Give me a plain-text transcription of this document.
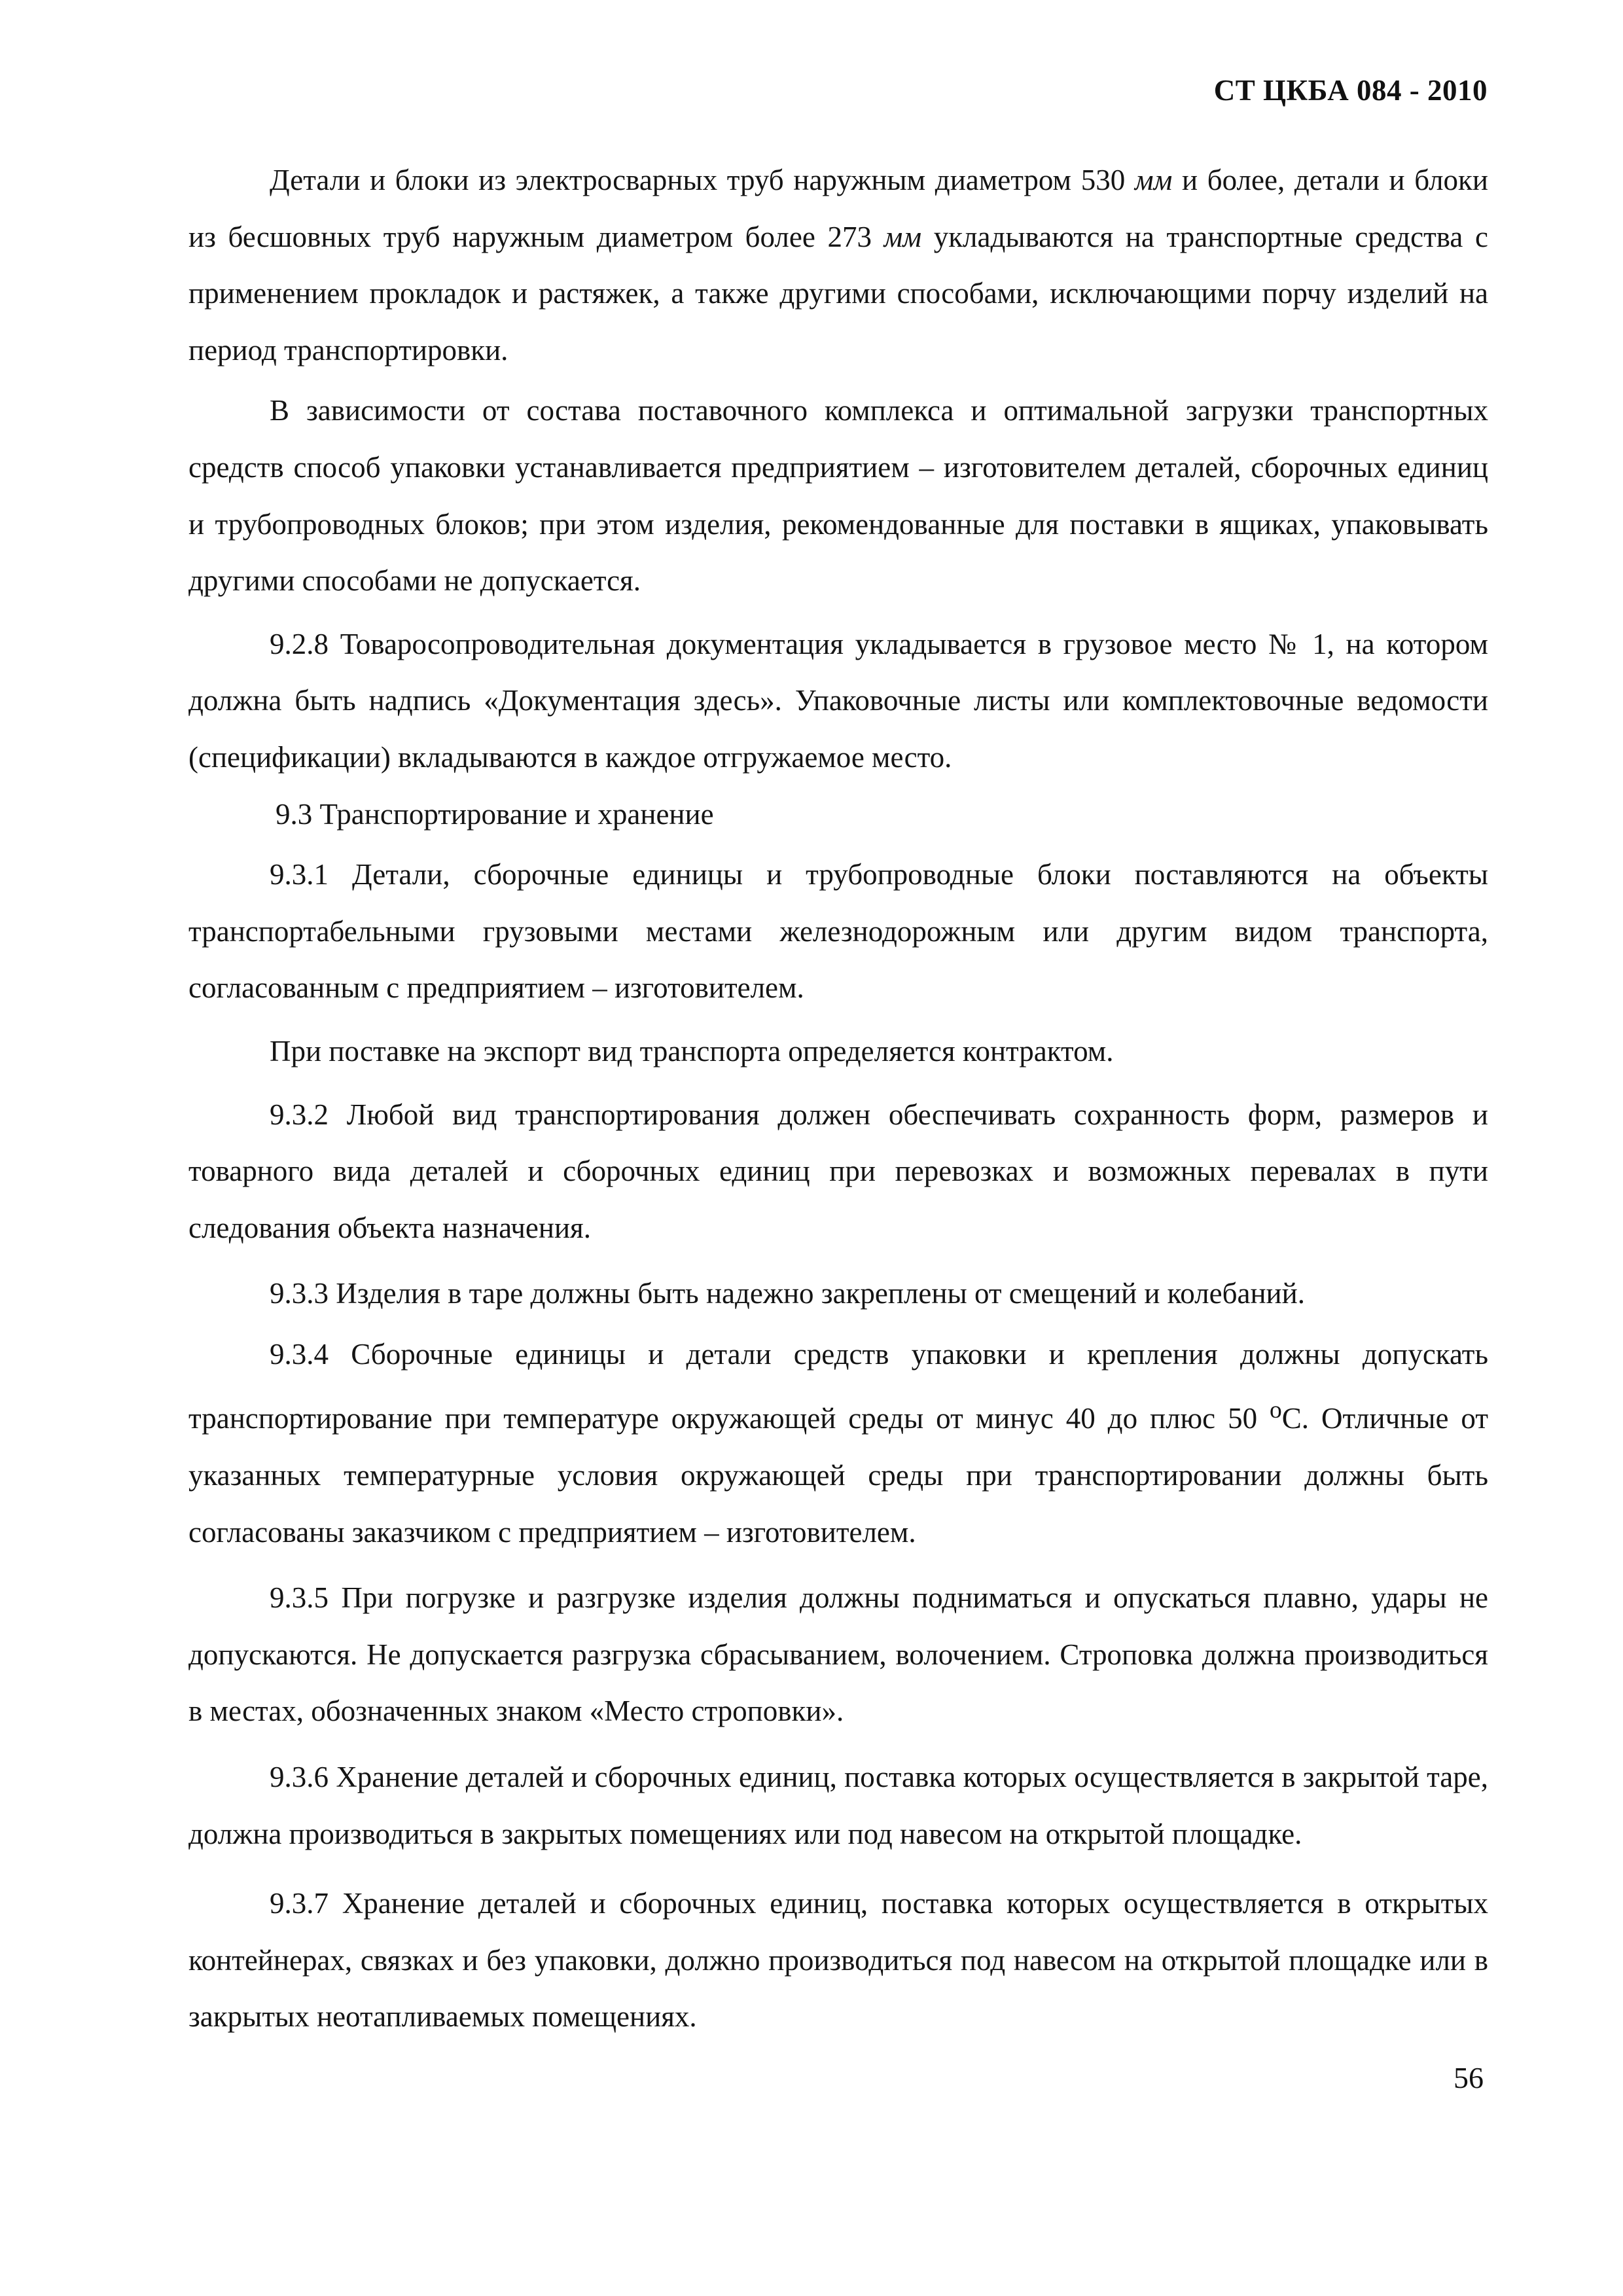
СТ ЦКБА 084 - 2010

Детали и блоки из электросварных труб наружным диаметром 530 мм и более, детали и блоки из бесшовных труб наружным диаметром более 273 мм укладываются на транспортные средства с применением прокладок и растяжек, а также другими способами, исключающими порчу изделий на период транспортировки.

В зависимости от состава поставочного комплекса и оптимальной загрузки транспортных средств способ упаковки устанавливается предприятием – изготовителем деталей, сборочных единиц и трубопроводных блоков; при этом изделия, рекомендованные для поставки в ящиках, упаковывать другими способами не допускается.

9.2.8 Товаросопроводительная документация укладывается в грузовое место № 1, на котором должна быть надпись «Документация здесь». Упаковочные листы или комплектовочные ведомости (спецификации) вкладываются в каждое отгружаемое место.

9.3 Транспортирование и хранение

9.3.1 Детали, сборочные единицы и трубопроводные блоки поставляются на объекты транспортабельными грузовыми местами железнодорожным или другим видом транспорта, согласованным с предприятием – изготовителем.

При поставке на экспорт вид транспорта определяется контрактом.

9.3.2 Любой вид транспортирования должен обеспечивать сохранность форм, размеров и товарного вида деталей и сборочных единиц при перевозках и возможных перевалах в пути следования объекта назначения.

9.3.3 Изделия в таре должны быть надежно закреплены от смещений и колебаний.

9.3.4 Сборочные единицы и детали средств упаковки и крепления должны допускать транспортирование при температуре окружающей среды от минус 40 до плюс 50 $^о$С. Отличные от указанных температурные условия окружающей среды при транспортировании должны быть согласованы заказчиком с предприятием – изготовителем.

9.3.5 При погрузке и разгрузке изделия должны подниматься и опускаться плавно, удары не допускаются. Не допускается разгрузка сбрасыванием, волочением. Строповка должна производиться в местах, обозначенных знаком «Место строповки».

9.3.6 Хранение деталей и сборочных единиц, поставка которых осуществляется в закрытой таре, должна производиться в закрытых помещениях или под навесом на открытой площадке.

9.3.7 Хранение деталей и сборочных единиц, поставка которых осуществляется в открытых контейнерах, связках и без упаковки, должно производиться под навесом на открытой площадке или в закрытых неотапливаемых помещениях.

56
